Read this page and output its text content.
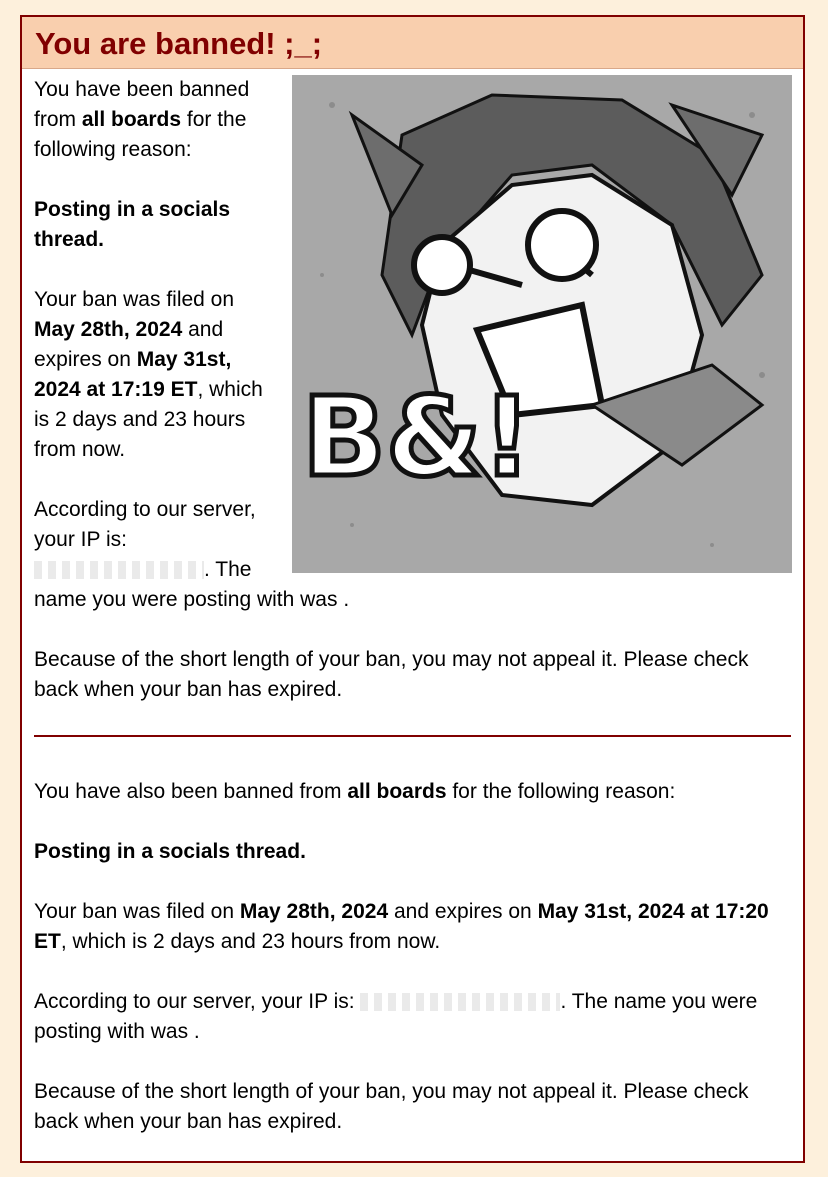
You are banned! ;_;
B&!

You have been banned from all boards for the following reason:

Posting in a socials thread.

Your ban was filed on May 28th, 2024 and expires on May 31st, 2024 at 17:19 ET, which is 2 days and 23 hours from now.

According to our server, your IP is: . The name you were posting with was .

Because of the short length of your ban, you may not appeal it. Please check back when your ban has expired.

You have also been banned from all boards for the following reason:

Posting in a socials thread.

Your ban was filed on May 28th, 2024 and expires on May 31st, 2024 at 17:20 ET, which is 2 days and 23 hours from now.

According to our server, your IP is:	. The name you were posting with was .

Because of the short length of your ban, you may not appeal it. Please check back when your ban has expired.
